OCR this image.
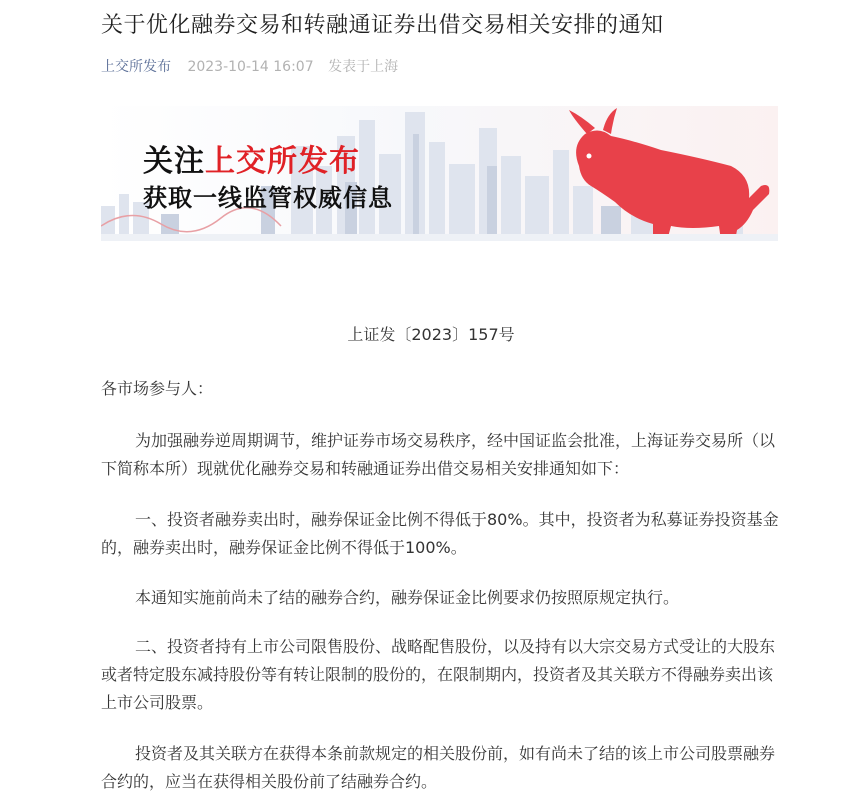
关于优化融券交易和转融通证券出借交易相关安排的通知
上交所发布 2023-10-14 16:07 发表于上海
关注上交所发布
获取一线监管权威信息
上证发〔2023〕157号

各市场参与人：

为加强融券逆周期调节，维护证券市场交易秩序，经中国证监会批准，上海证券交易所（以下简称本所）现就优化融券交易和转融通证券出借交易相关安排通知如下：

一、投资者融券卖出时，融券保证金比例不得低于80%。其中，投资者为私募证券投资基金的，融券卖出时，融券保证金比例不得低于100%。

本通知实施前尚未了结的融券合约，融券保证金比例要求仍按照原规定执行。

二、投资者持有上市公司限售股份、战略配售股份，以及持有以大宗交易方式受让的大股东或者特定股东减持股份等有转让限制的股份的，在限制期内，投资者及其关联方不得融券卖出该上市公司股票。

投资者及其关联方在获得本条前款规定的相关股份前，如有尚未了结的该上市公司股票融券合约的，应当在获得相关股份前了结融券合约。
